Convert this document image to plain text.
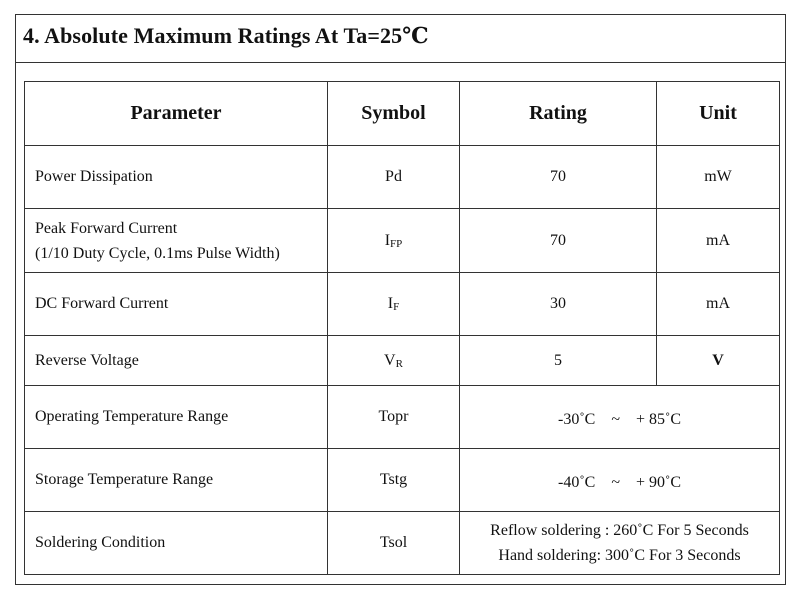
4. Absolute Maximum Ratings At Ta=25℃
Parameter	Symbol	Rating	Unit
Power Dissipation	Pd	70	mW

Peak Forward Current
(1/10 Duty Cycle, 0.1ms Pulse Width)	$I_{FP}$	70	mA
DC Forward Current	$I_F$	30	mA
Reverse Voltage	$V_R$	5	V
Operating Temperature Range	Topr	-30˚C　~　+ 85˚C	
Storage Temperature Range	Tstg	-40˚C　~　+ 90˚C	
Soldering Condition	Tsol	Reflow soldering : 260˚C For 5 Seconds
Hand soldering: 300˚C For 3 Seconds	
